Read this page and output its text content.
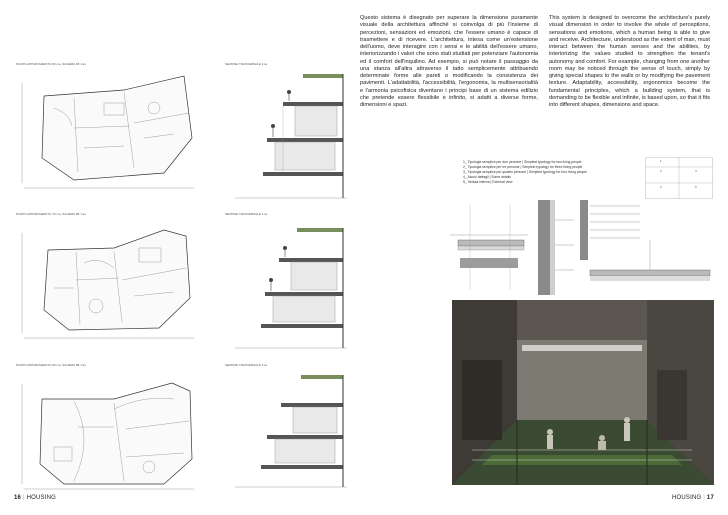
Questo sistema è disegnato per superare la dimensione puramente visuale della architettura affinché si coinvolga di più l'insieme di percezioni, sensazioni ed emozioni, che l'essere umano è capace di trasmettere e di ricevere. L'architettura, intesa come un'estensione dell'uomo, deve interagire con i sensi e le abilità dell'essere umano, interiorizzando i valori che sono stati studiati per potenziare l'autonomia ed il comfort dell'inquilino. Ad esempio, si può notare il passaggio da una stanza all'altra attraverso il tatto semplicemente attribuendo determinate forme alle pareti o modificando la consistenza dei pavimenti. L'adattabilità, l'accessibilità, l'ergonomia, la multisensorialità e l'armonia psicofisica diventano i principi base di un sistema edilizio che pretende essere flessibile e infinito, si adatti a diverse forme, dimensioni e spazi.
This system is designed to overcome the architecture's purely visual dimension in order to involve the whole of perceptions, sensations and emotions, which a human being is able to give and receive. Architecture, understood as the extent of man, must interact between the human senses and the abilities, by interiorizing the values studied to strengthen the tenant's autonomy and comfort. For example, changing from one another room may be noticed through the sense of touch, simply by giving special shapes to the walls or by modifying the pavement texture. Adaptability, accessibility, ergonomics become the fundamental principles, which a building system, that is demanding to be flexible and infinite, is based upon, so that it fits into different shapes, dimensions and space.
1_ Tipologia semplice per due persone | Simplest typology for two living people
2_ Tipologia semplice per tre persone | Simplest typology for three living people
3_ Tipologia semplice per quattro persone | Simplest typology for four living people
4_ Alcuni dettagli | Some details
5_ Veduta interna | External view
1
2
3
4
5
PIANTA APPARTAMENTO 60 mq. SCHEMA 1B 1:ss
PIANTA APPARTAMENTO 70 mq. SCHEMA 2B 1:ss
PIANTA APPARTAMENTO 90 mq. SCHEMA 3B 1:ss
SEZIONE TRASVERSALE 1:ss
SEZIONE TRASVERSALE 1:ss
SEZIONE TRASVERSALE 1:ss
16 | HOUSING	HOUSING | 17
